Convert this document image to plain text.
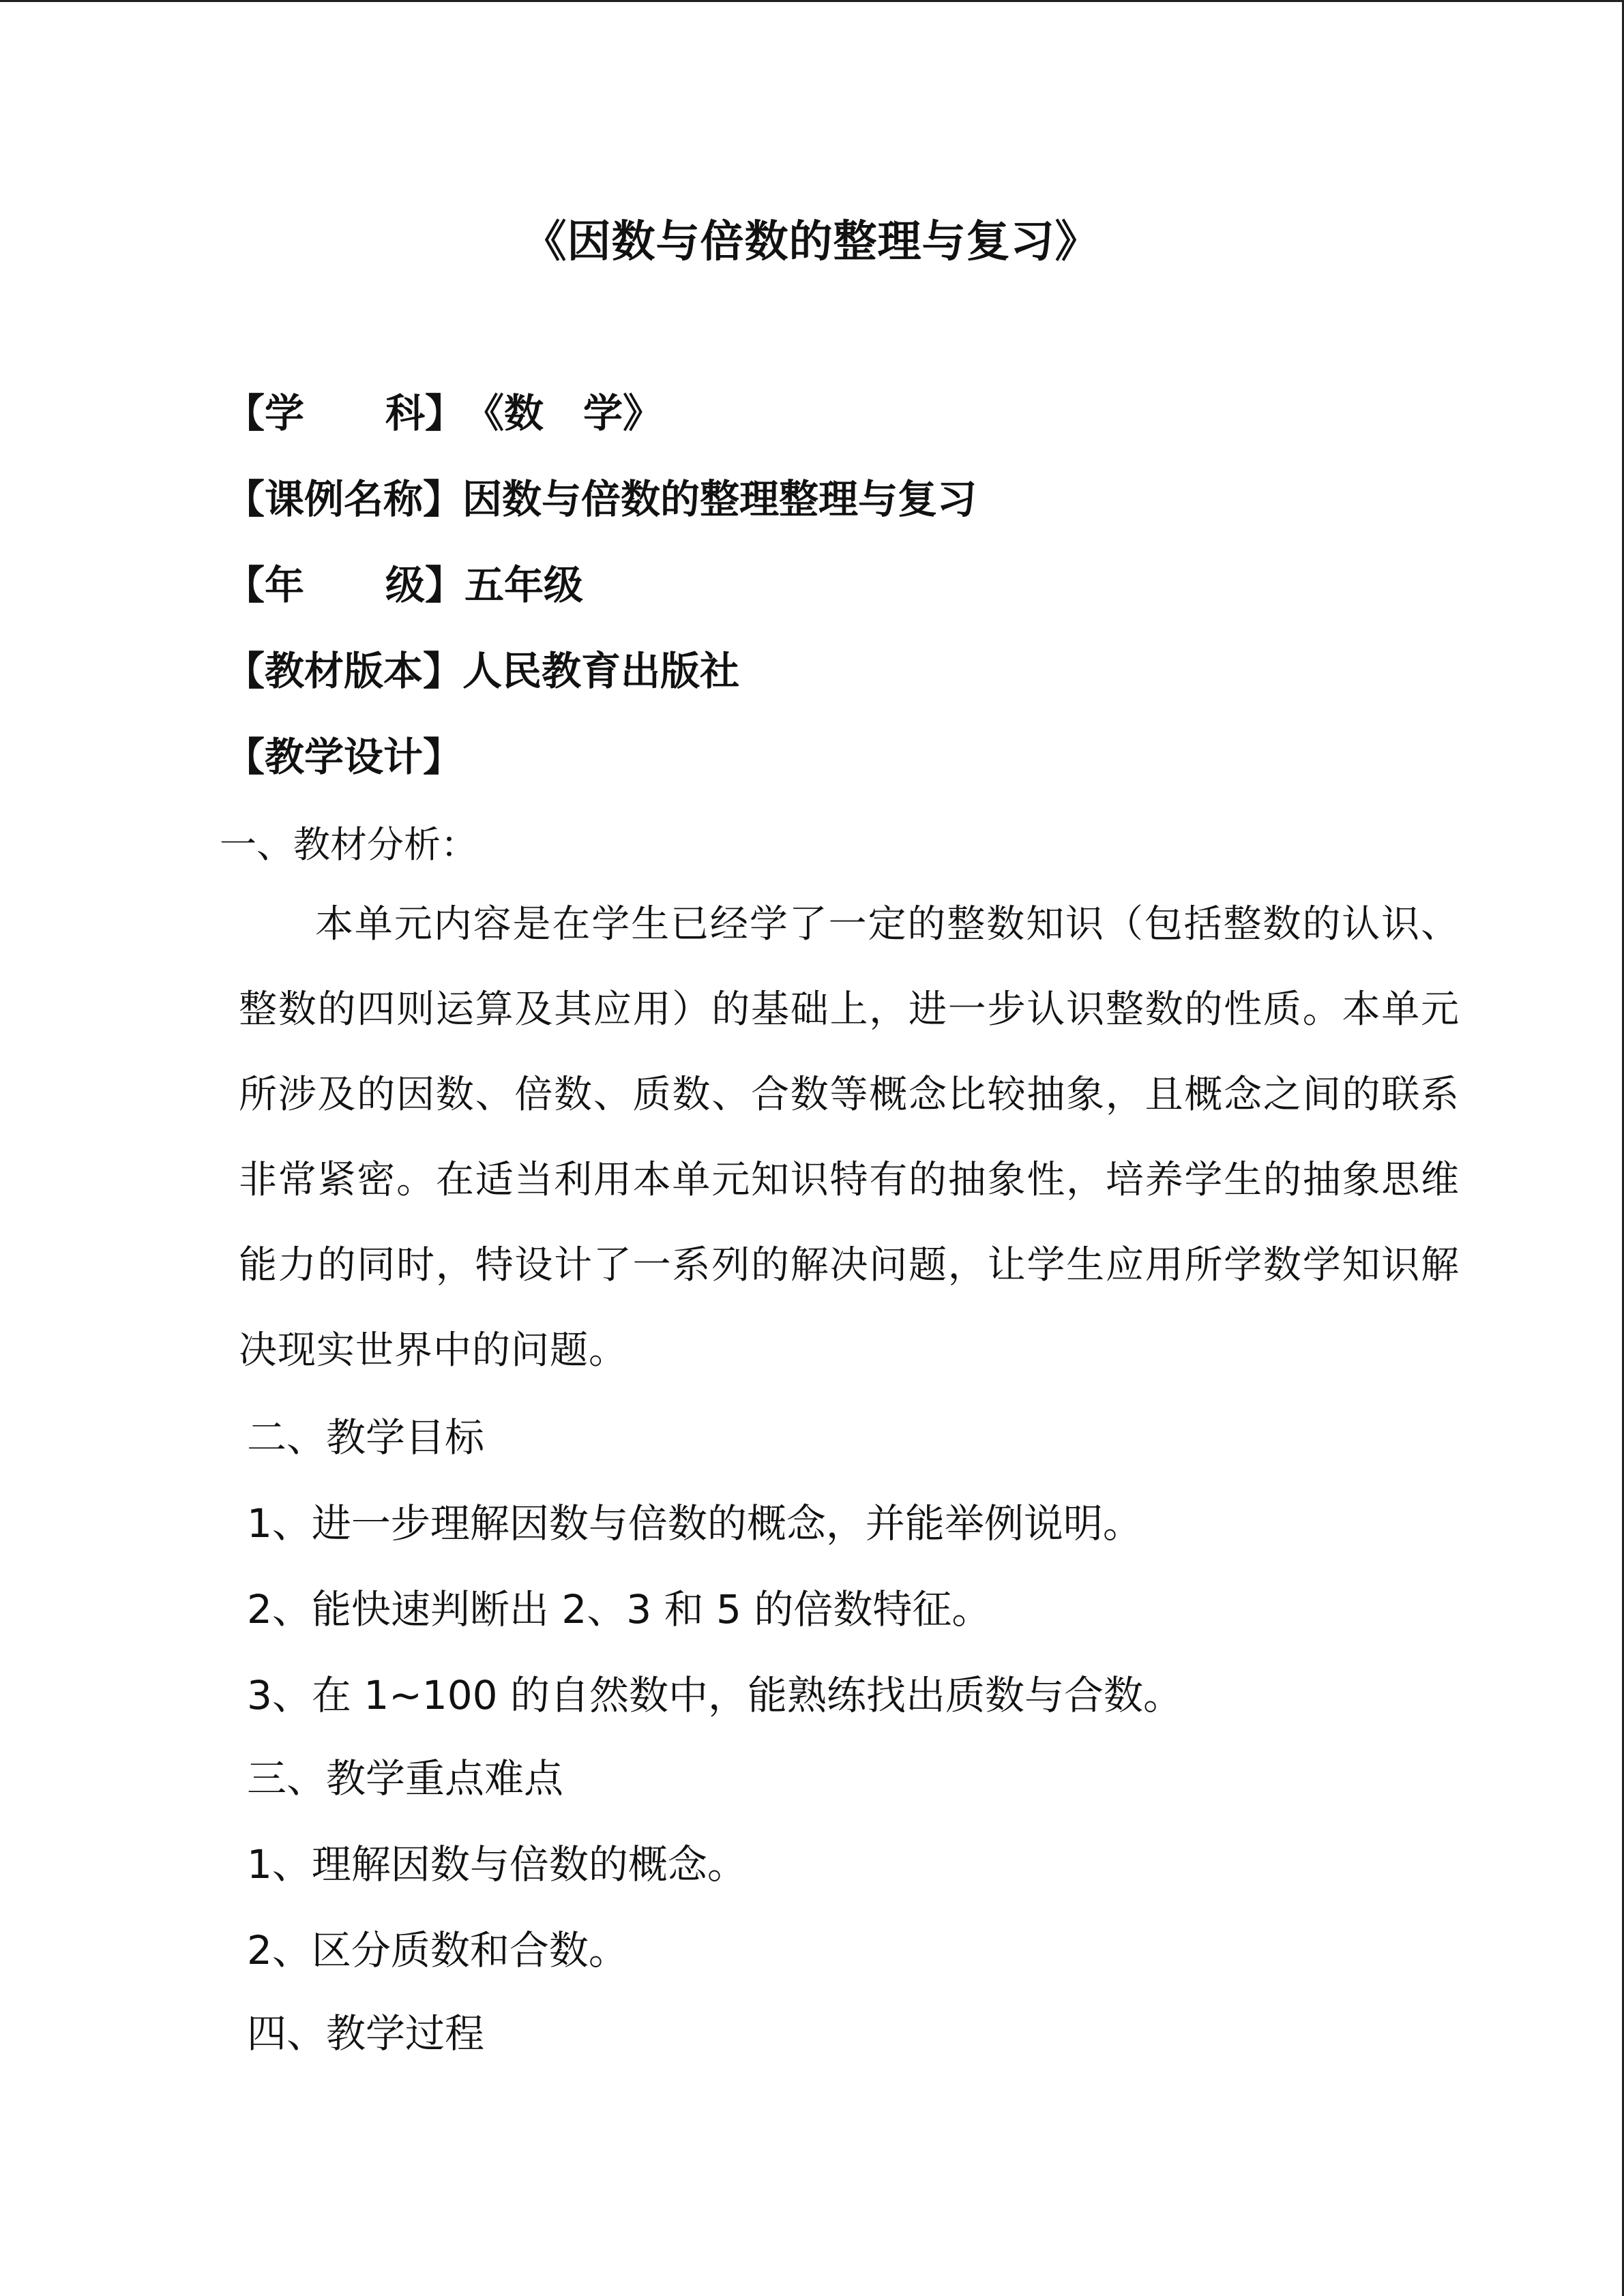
《因数与倍数的整理与复习》
【学科】《数　学》
【课例名称】因数与倍数的整理整理与复习
【年级】五年级
【教材版本】人民教育出版社
【教学设计】
一、教材分析：
本单元内容是在学生已经学了一定的整数知识（包括整数的认识、整数的四则运算及其应用）的基础上，进一步认识整数的性质。本单元所涉及的因数、倍数、质数、合数等概念比较抽象，且概念之间的联系非常紧密。在适当利用本单元知识特有的抽象性，培养学生的抽象思维能力的同时，特设计了一系列的解决问题，让学生应用所学数学知识解决现实世界中的问题。
二、教学目标
1、进一步理解因数与倍数的概念，并能举例说明。
2、能快速判断出 2、3 和 5 的倍数特征。
3、在 1~100 的自然数中，能熟练找出质数与合数。
三、教学重点难点
1、理解因数与倍数的概念。
2、区分质数和合数。
四、教学过程
